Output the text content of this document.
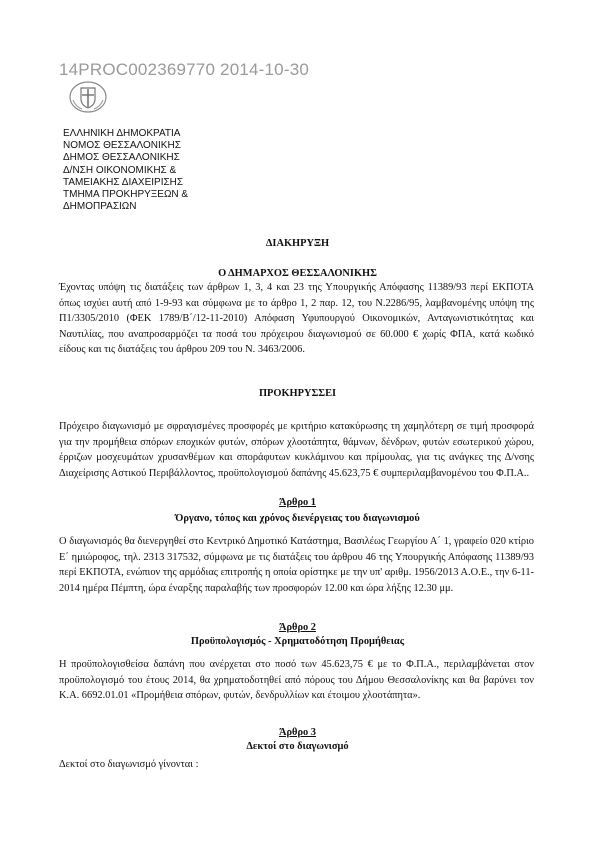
14PROC002369770 2014-10-30
ΕΛΛΗΝΙΚΗ ΔΗΜΟΚΡΑΤΙΑ
ΝΟΜΟΣ ΘΕΣΣΑΛΟΝΙΚΗΣ
ΔΗΜΟΣ ΘΕΣΣΑΛΟΝΙΚΗΣ
Δ/ΝΣΗ ΟΙΚΟΝΟΜΙΚΗΣ &
ΤΑΜΕΙΑΚΗΣ ΔΙΑΧΕΙΡΙΣΗΣ
ΤΜΗΜΑ ΠΡΟΚΗΡΥΞΕΩΝ &
ΔΗΜΟΠΡΑΣΙΩΝ
ΔΙΑΚΗΡΥΞΗ
Ο ΔΗΜΑΡΧΟΣ ΘΕΣΣΑΛΟΝΙΚΗΣ
Έχοντας υπόψη τις διατάξεις των άρθρων 1, 3, 4 και 23 της Υπουργικής Απόφασης 11389/93 περί ΕΚΠΟΤΑ όπως ισχύει αυτή από 1-9-93 και σύμφωνα με το άρθρο 1, 2 παρ. 12, του Ν.2286/95, λαμβανομένης υπόψη της Π1/3305/2010 (ΦΕΚ 1789/Β΄/12-11-2010) Απόφαση Υφυπουργού Οικονομικών, Ανταγωνιστικότητας και Ναυτιλίας, που αναπροσαρμόζει τα ποσά του πρόχειρου διαγωνισμού σε 60.000 € χωρίς ΦΠΑ, κατά κωδικό είδους και τις διατάξεις του άρθρου 209 του Ν. 3463/2006.
ΠΡΟΚΗΡΥΣΣΕΙ
Πρόχειρο διαγωνισμό με σφραγισμένες προσφορές με κριτήριο κατακύρωσης τη χαμηλότερη σε τιμή προσφορά για την προμήθεια σπόρων εποχικών φυτών, σπόρων χλοοτάπητα, θάμνων, δένδρων, φυτών εσωτερικού χώρου, έρριζων μοσχευμάτων χρυσανθέμων και σποράφυτων κυκλάμινου και πρίμουλας, για τις ανάγκες της Δ/νσης Διαχείρισης Αστικού Περιβάλλοντος, προϋπολογισμού δαπάνης 45.623,75 € συμπεριλαμβανομένου του Φ.Π.Α..
Άρθρο 1
Όργανο, τόπος και χρόνος διενέργειας του διαγωνισμού
Ο διαγωνισμός θα διενεργηθεί στο Κεντρικό Δημοτικό Κατάστημα, Βασιλέως Γεωργίου Α΄ 1, γραφείο 020 κτίριο Ε΄ ημιώροφος, τηλ. 2313 317532, σύμφωνα με τις διατάξεις του άρθρου 46 της Υπουργικής Απόφασης 11389/93 περί ΕΚΠΟΤΑ, ενώπιον της αρμόδιας επιτροπής η οποία ορίστηκε με την υπ' αριθμ. 1956/2013 Α.Ο.Ε., την 6-11-2014 ημέρα Πέμπτη, ώρα έναρξης παραλαβής των προσφορών 12.00 και ώρα λήξης 12.30 μμ.
Άρθρο 2
Προϋπολογισμός - Χρηματοδότηση Προμήθειας
Η προϋπολογισθείσα δαπάνη που ανέρχεται στο ποσό των 45.623,75 € με το Φ.Π.Α., περιλαμβάνεται στον προϋπολογισμό του έτους 2014, θα χρηματοδοτηθεί από πόρους του Δήμου Θεσσαλονίκης και θα βαρύνει τον Κ.Α. 6692.01.01 «Προμήθεια σπόρων, φυτών, δενδρυλλίων και έτοιμου χλοοτάπητα».
Άρθρο 3
Δεκτοί στο διαγωνισμό
Δεκτοί στο διαγωνισμό γίνονται :
